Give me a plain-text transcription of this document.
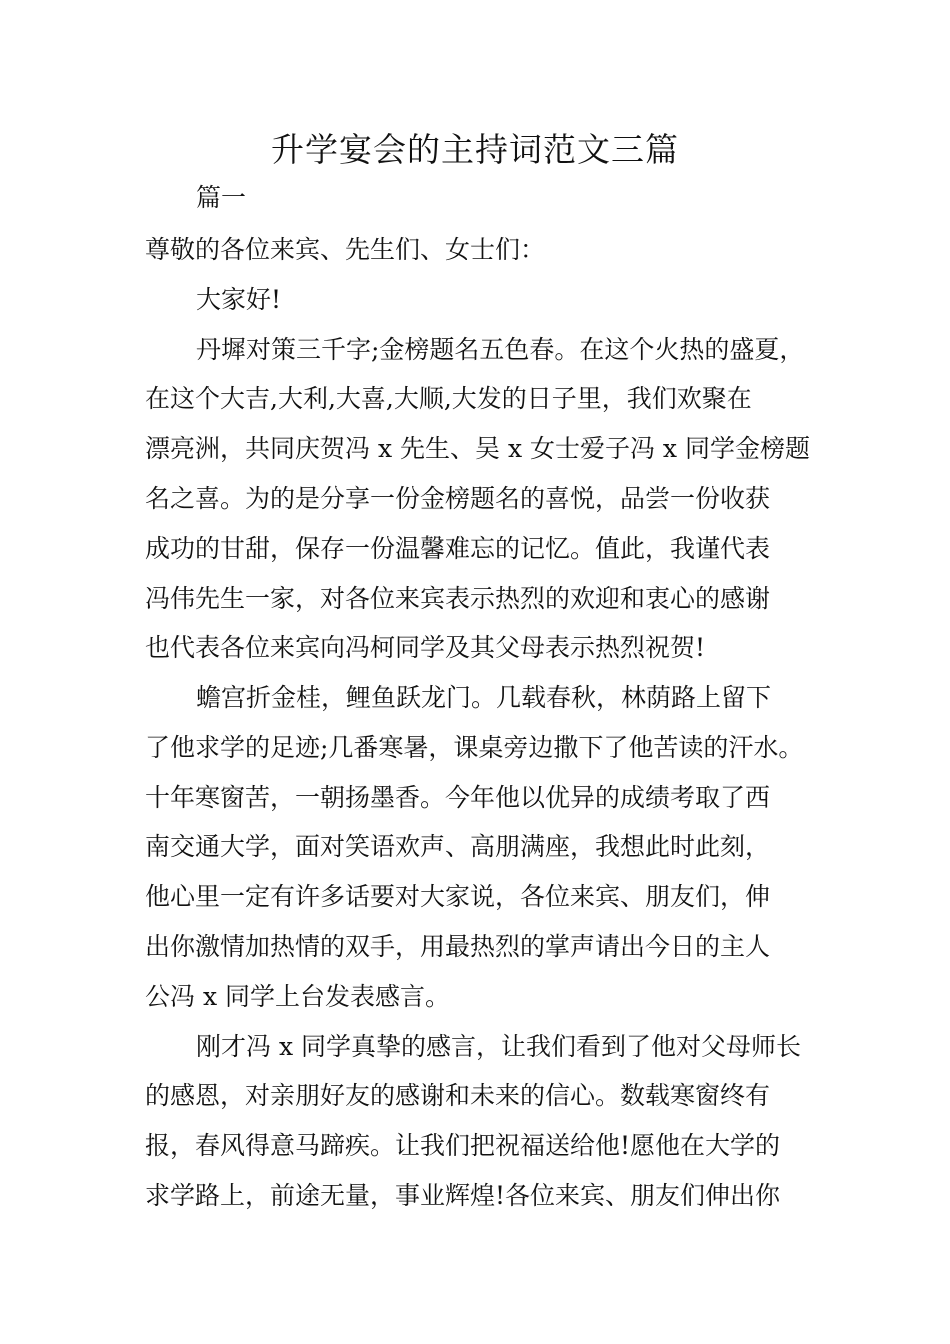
升学宴会的主持词范文三篇

篇一

尊敬的各位来宾、先生们、女士们：

大家好!

丹墀对策三千字;金榜题名五色春。在这个火热的盛夏，

在这个大吉,大利,大喜,大顺,大发的日子里，我们欢聚在

漂亮洲，共同庆贺冯 x 先生、吴 x 女士爱子冯 x 同学金榜题

名之喜。为的是分享一份金榜题名的喜悦，品尝一份收获

成功的甘甜，保存一份温馨难忘的记忆。值此，我谨代表

冯伟先生一家，对各位来宾表示热烈的欢迎和衷心的感谢

也代表各位来宾向冯柯同学及其父母表示热烈祝贺!

蟾宫折金桂，鲤鱼跃龙门。几载春秋，林荫路上留下

了他求学的足迹;几番寒暑，课桌旁边撒下了他苦读的汗水。

十年寒窗苦，一朝扬墨香。今年他以优异的成绩考取了西

南交通大学，面对笑语欢声、高朋满座，我想此时此刻，

他心里一定有许多话要对大家说，各位来宾、朋友们，伸

出你激情加热情的双手，用最热烈的掌声请出今日的主人

公冯 x 同学上台发表感言。

刚才冯 x 同学真挚的感言，让我们看到了他对父母师长

的感恩，对亲朋好友的感谢和未来的信心。数载寒窗终有

报，春风得意马蹄疾。让我们把祝福送给他!愿他在大学的

求学路上，前途无量，事业辉煌!各位来宾、朋友们伸出你
